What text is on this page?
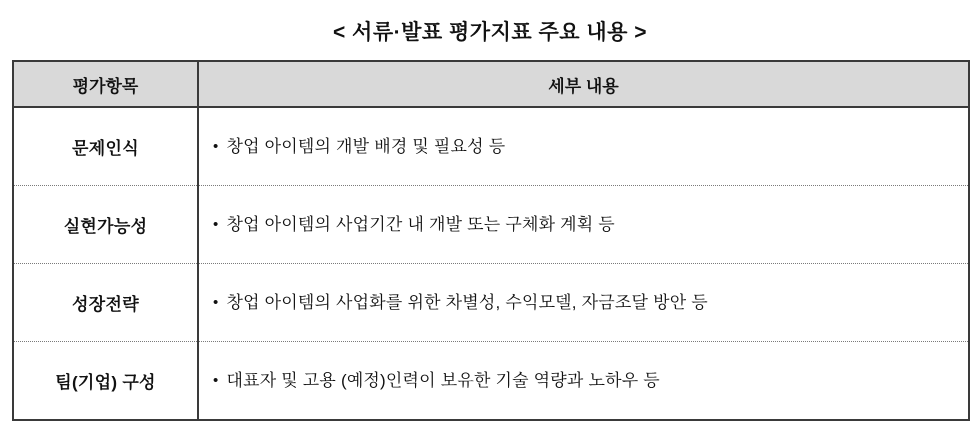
< 서류·발표 평가지표 주요 내용 >
평가항목	세부 내용
문제인식	• 창업 아이템의 개발 배경 및 필요성 등

실현가능성	• 창업 아이템의 사업기간 내 개발 또는 구체화 계획 등

성장전략	• 창업 아이템의 사업화를 위한 차별성, 수익모델, 자금조달 방안 등

팀(기업) 구성	• 대표자 및 고용 (예정)인력이 보유한 기술 역량과 노하우 등
